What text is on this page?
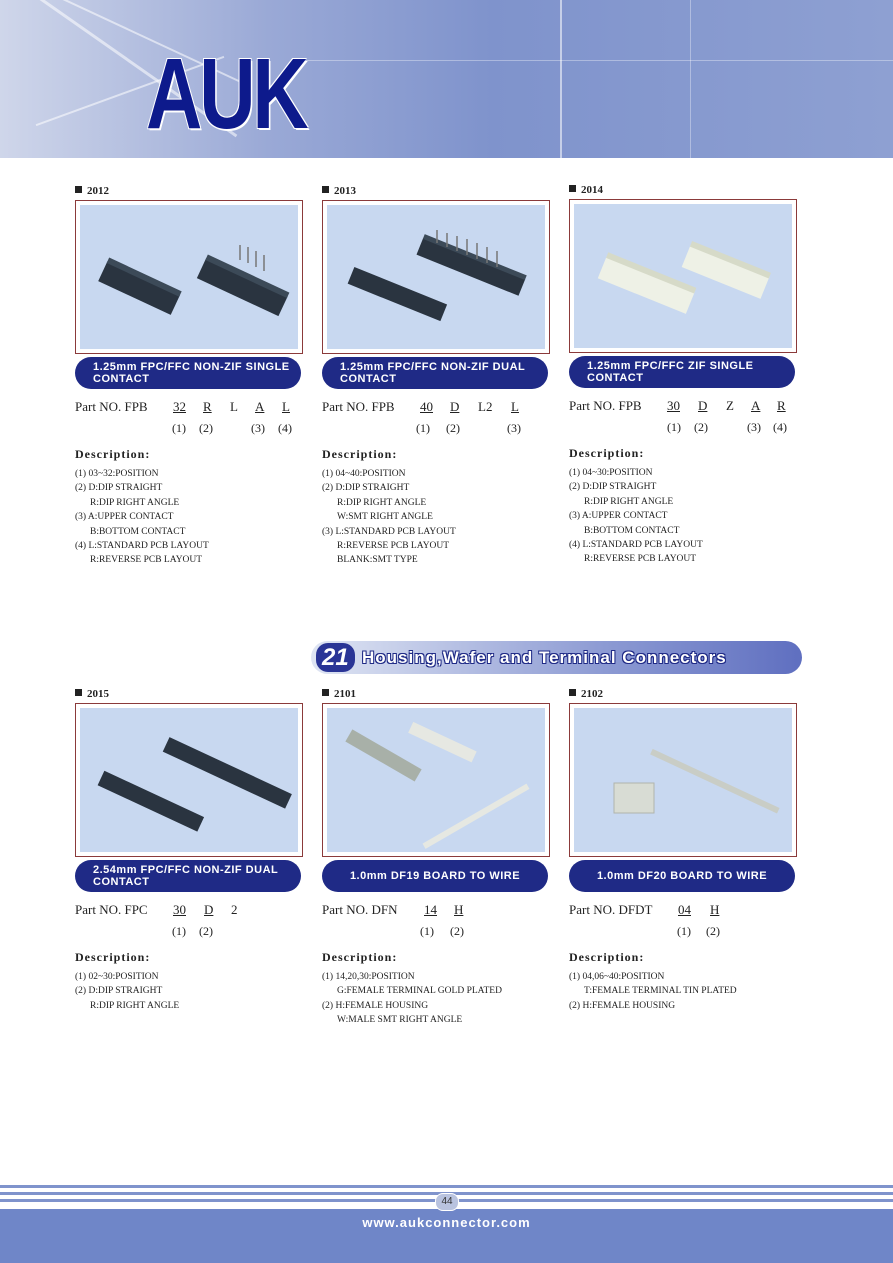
AUK
2012
1.25mm FPC/FFC NON-ZIF SINGLE CONTACT
Part NO. FPB 32 R L A L
(1) (2)	(3) (4)
Description:
(1) 03~32:POSITION
(2) D:DIP STRAIGHT
R:DIP RIGHT ANGLE
(3) A:UPPER CONTACT
B:BOTTOM CONTACT
(4) L:STANDARD PCB LAYOUT
R:REVERSE PCB LAYOUT
2013
1.25mm FPC/FFC NON-ZIF DUAL CONTACT
Part NO. FPB 40 D L2 L
(1) (2)	(3)
Description:
(1) 04~40:POSITION
(2) D:DIP STRAIGHT
R:DIP RIGHT ANGLE
W:SMT RIGHT ANGLE
(3) L:STANDARD PCB LAYOUT
R:REVERSE PCB LAYOUT
BLANK:SMT TYPE
2014
1.25mm FPC/FFC ZIF SINGLE CONTACT
Part NO. FPB 30 D Z A R
(1) (2)	(3) (4)
Description:
(1) 04~30:POSITION
(2) D:DIP STRAIGHT
R:DIP RIGHT ANGLE
(3) A:UPPER CONTACT
B:BOTTOM CONTACT
(4) L:STANDARD PCB LAYOUT
R:REVERSE PCB LAYOUT
21 Housing,Wafer and Terminal Connectors
2015
2.54mm FPC/FFC NON-ZIF DUAL CONTACT
Part NO. FPC 30 D 2
(1) (2)
Description:
(1) 02~30:POSITION
(2) D:DIP STRAIGHT
R:DIP RIGHT ANGLE
2101
1.0mm DF19 BOARD TO WIRE
Part NO. DFN 14 H
(1) (2)
Description:
(1) 14,20,30:POSITION
G:FEMALE TERMINAL GOLD PLATED
(2) H:FEMALE HOUSING
W:MALE SMT RIGHT ANGLE
2102
1.0mm DF20 BOARD TO WIRE
Part NO. DFDT 04 H
(1) (2)
Description:
(1) 04,06~40:POSITION
T:FEMALE TERMINAL TIN PLATED
(2) H:FEMALE HOUSING
44
www.aukconnector.com
